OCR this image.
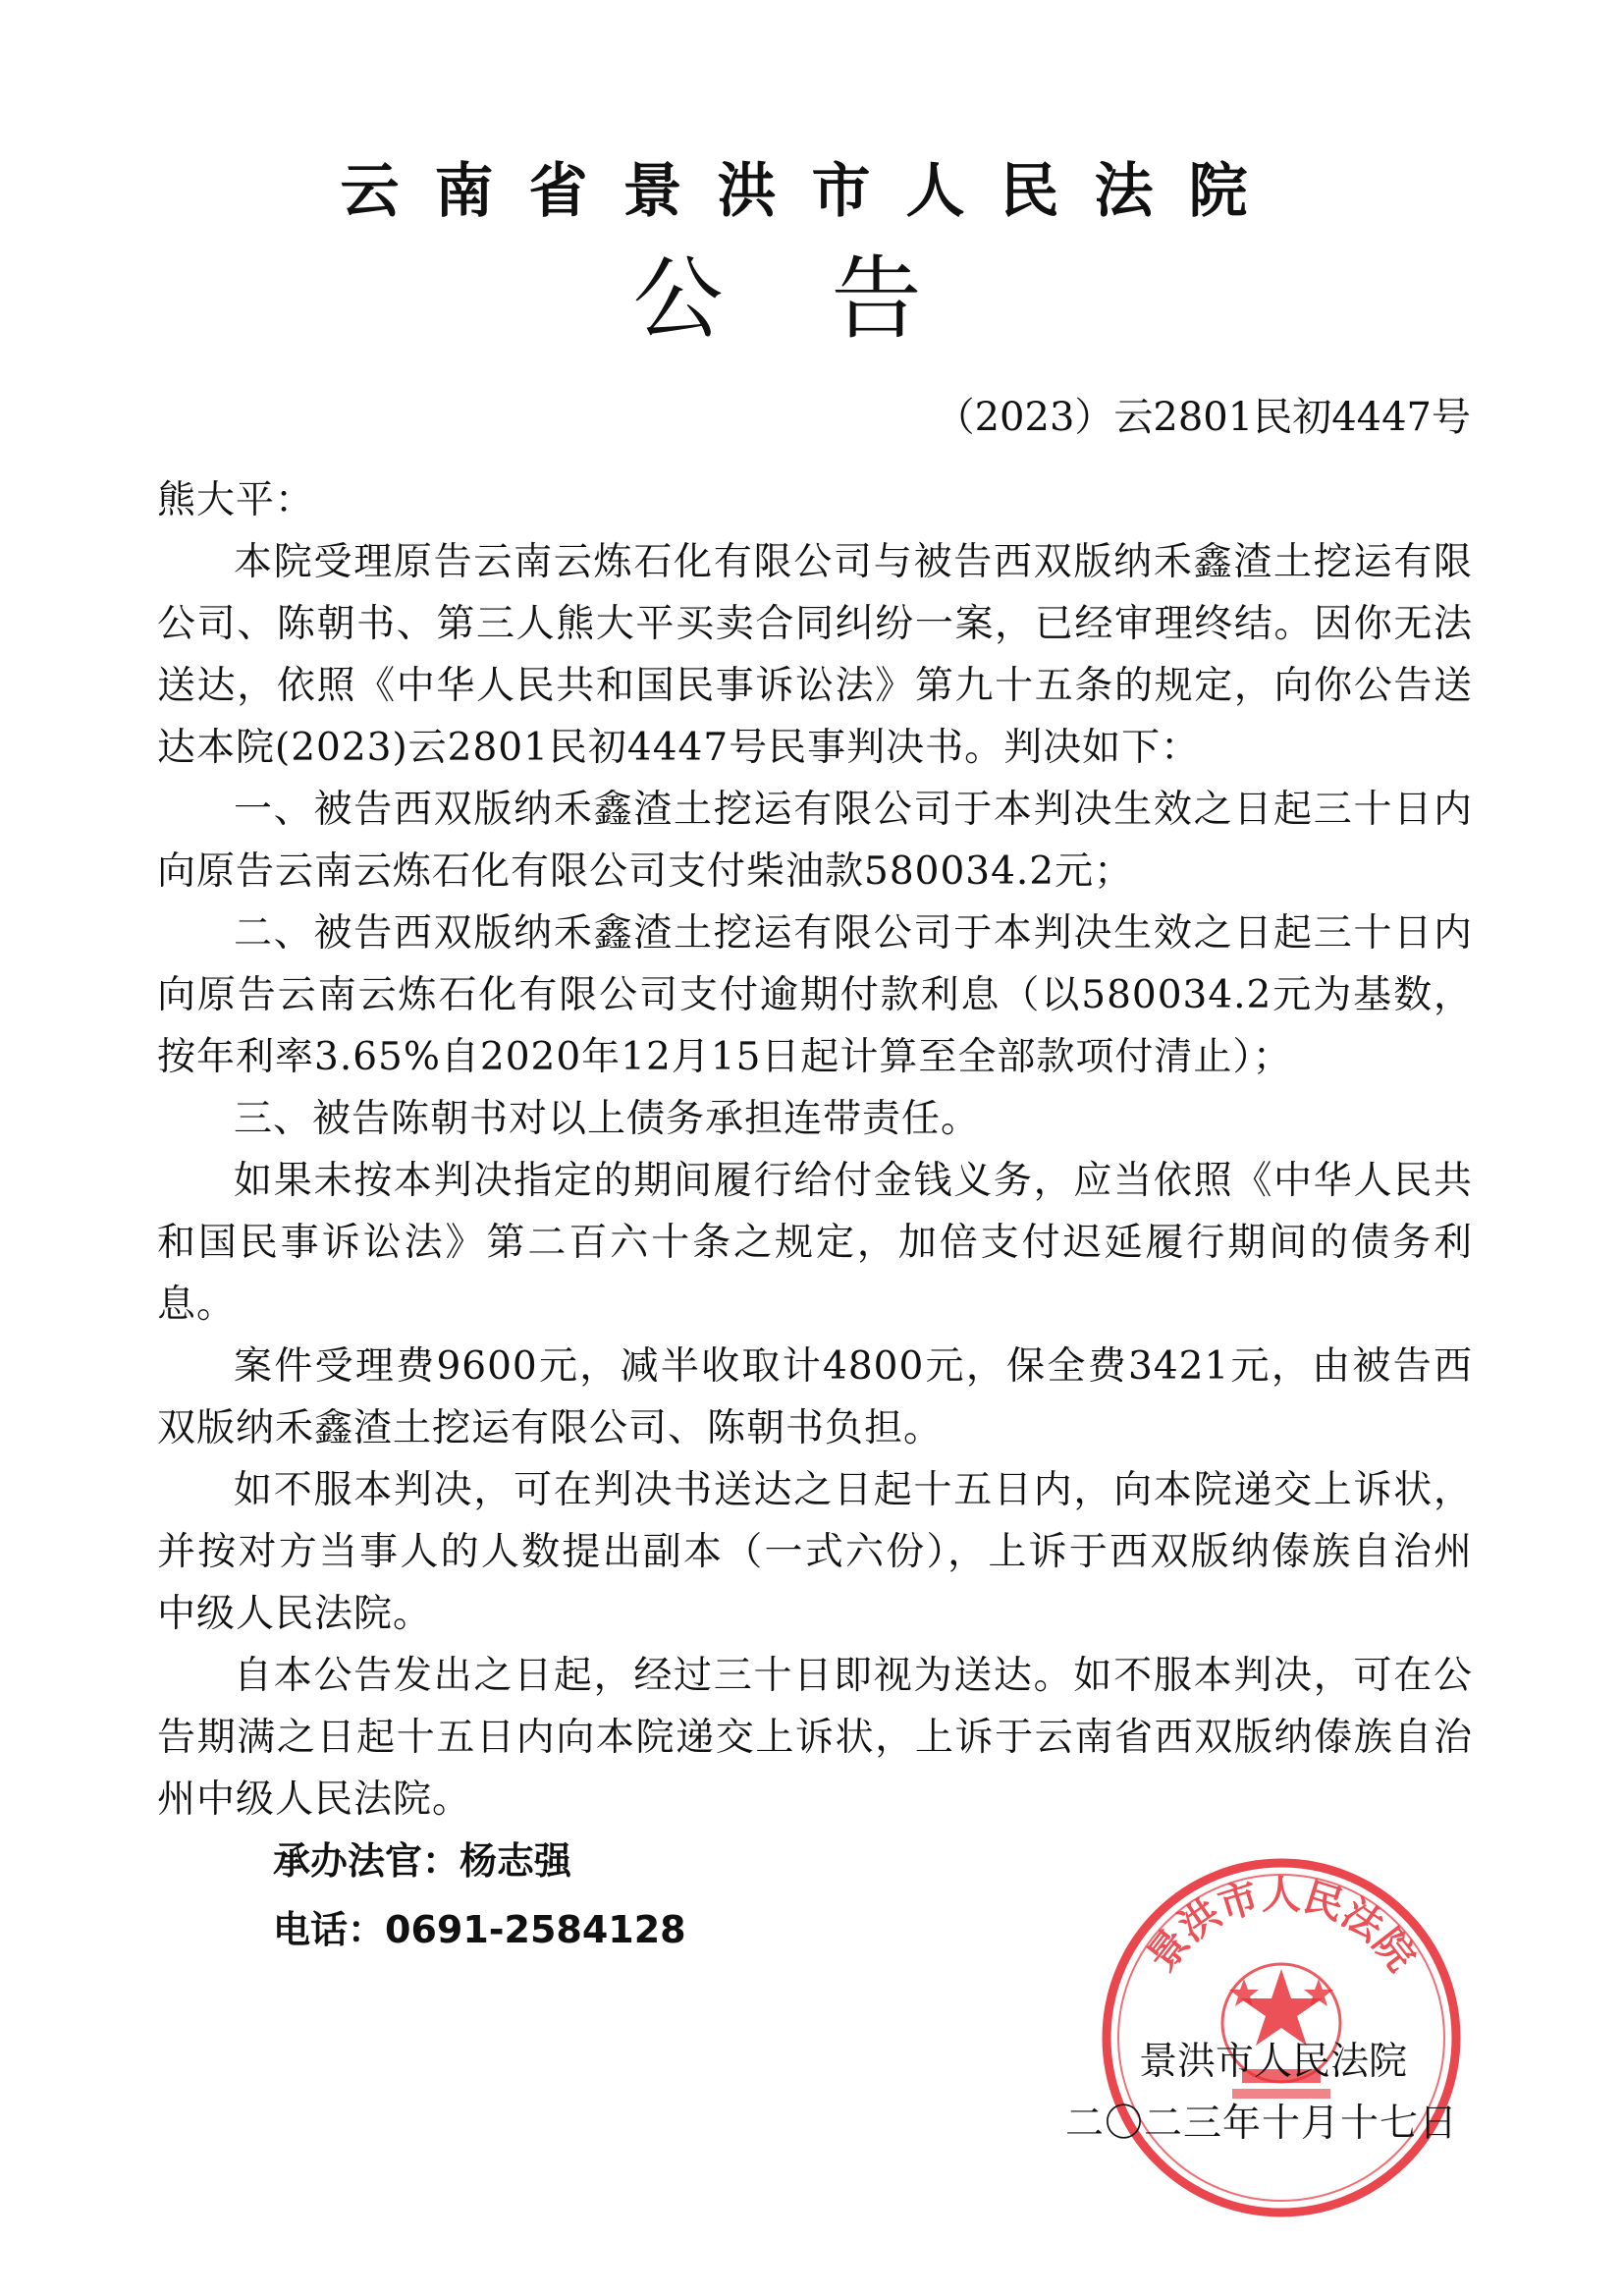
云南省景洪市人民法院
公告
（2023）云2801民初4447号

熊大平：

本院受理原告云南云炼石化有限公司与被告西双版纳禾鑫渣土挖运有限公司、陈朝书、第三人熊大平买卖合同纠纷一案，已经审理终结。因你无法送达，依照《中华人民共和国民事诉讼法》第九十五条的规定，向你公告送达本院(2023)云2801民初4447号民事判决书。判决如下：

一、被告西双版纳禾鑫渣土挖运有限公司于本判决生效之日起三十日内向原告云南云炼石化有限公司支付柴油款580034.2元；

二、被告西双版纳禾鑫渣土挖运有限公司于本判决生效之日起三十日内向原告云南云炼石化有限公司支付逾期付款利息（以580034.2元为基数，按年利率3.65%自2020年12月15日起计算至全部款项付清止）；

三、被告陈朝书对以上债务承担连带责任。

如果未按本判决指定的期间履行给付金钱义务，应当依照《中华人民共和国民事诉讼法》第二百六十条之规定，加倍支付迟延履行期间的债务利息。

案件受理费9600元，减半收取计4800元，保全费3421元，由被告西双版纳禾鑫渣土挖运有限公司、陈朝书负担。

如不服本判决，可在判决书送达之日起十五日内，向本院递交上诉状，并按对方当事人的人数提出副本（一式六份），上诉于西双版纳傣族自治州中级人民法院。

自本公告发出之日起，经过三十日即视为送达。如不服本判决，可在公告期满之日起十五日内向本院递交上诉状，上诉于云南省西双版纳傣族自治州中级人民法院。

承办法官：杨志强
电话：0691-2584128	景洪市人民法院
景洪市人民法院
二〇二三年十月十七日
